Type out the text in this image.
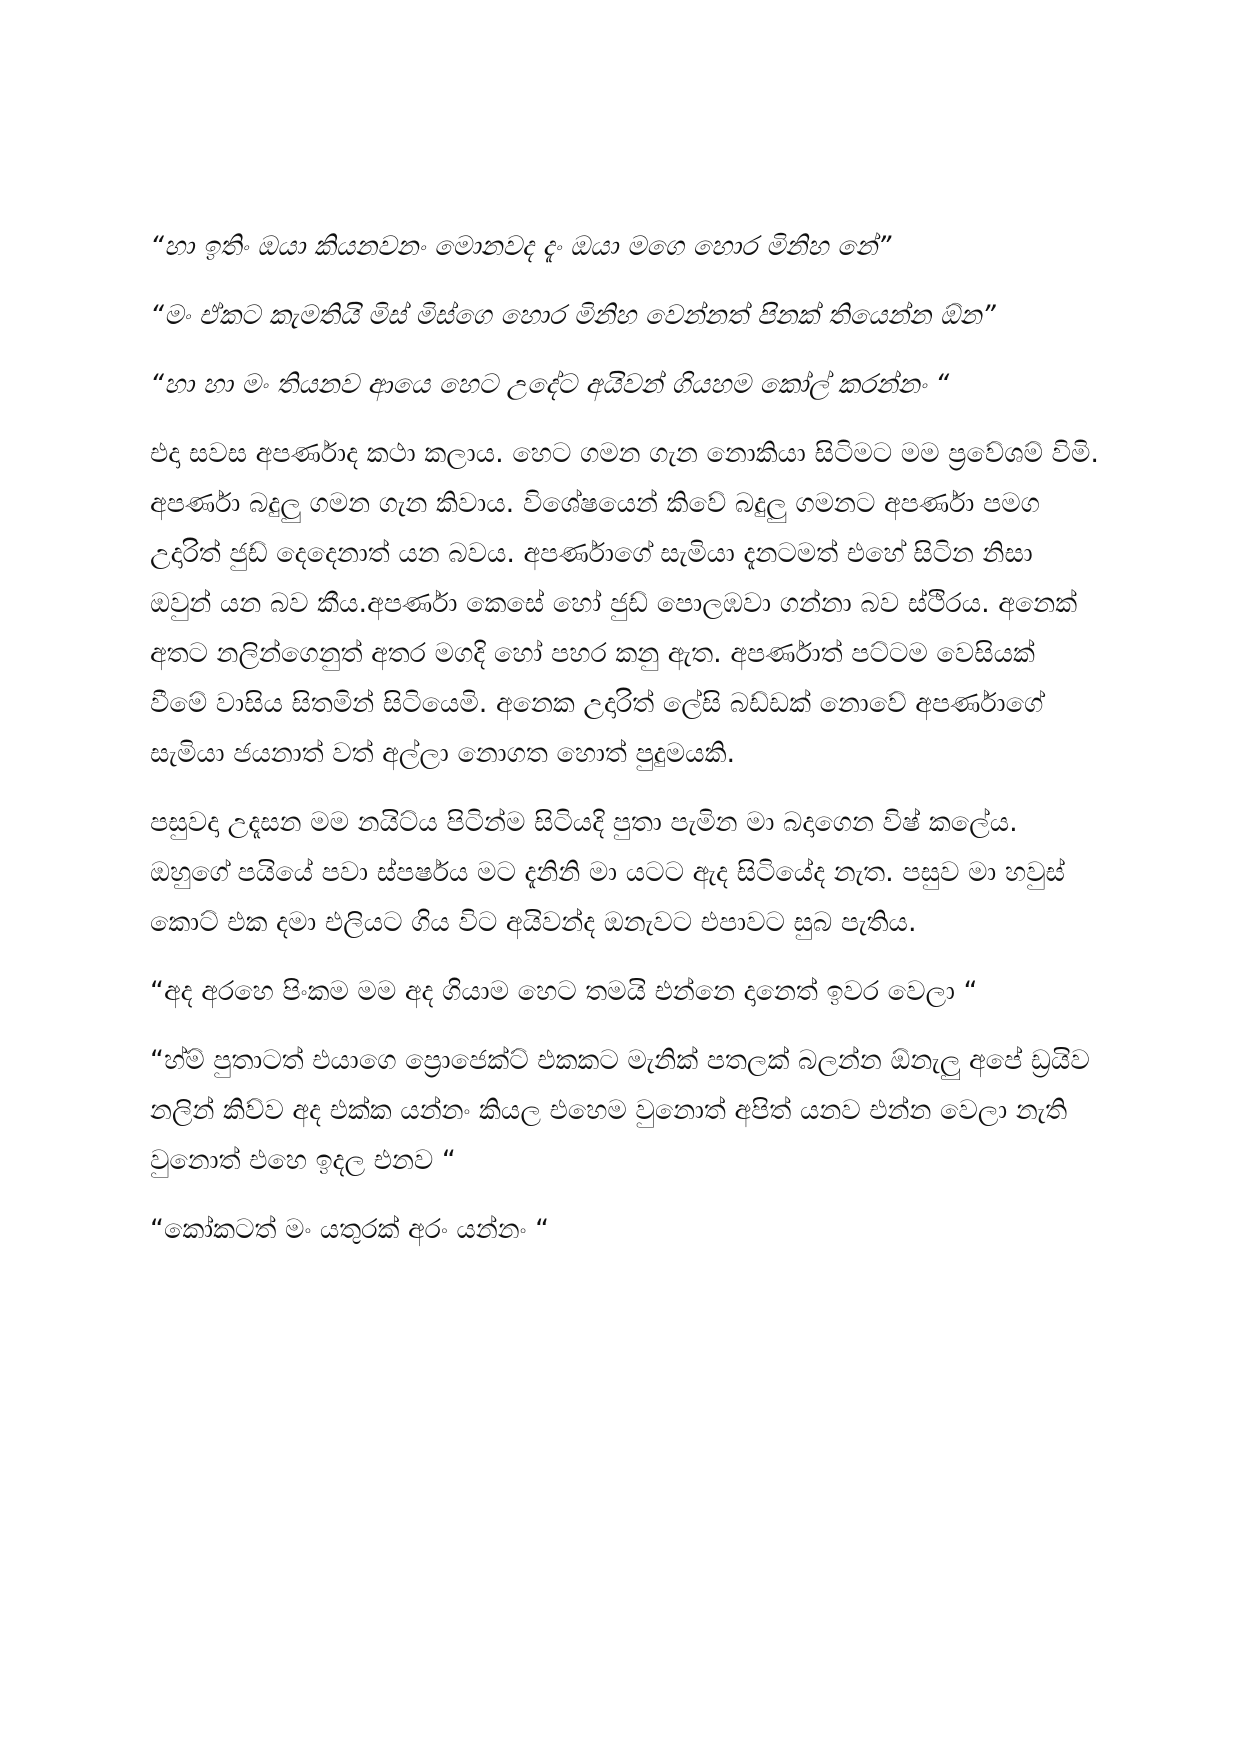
“හා ඉතිං ඔයා කියනවනං මොනවද දැං ඔයා මගෙ හොර මිනිහ නේ”

“මං ඒකට කැමතියි මිස් මිස්ගෙ හොර මිනිහ වෙන්නත් පිනක් තියෙන්න ඕන”

“හා හා මං තියනව ආයෙ හෙට උදේට අයිවන් ගියහම කෝල් කරන්නං “

එදා සවස අපර්ණාද කථා කලාය. හෙට ගමන ගැන නොකියා සිටිමට මම ප්‍රවේශම් විමි. අපර්ණා බදුලු ගමන ගැන කිවාය. විශේෂයෙන් කිවේ බදුලු ගමනට අපර්ණා පමග උදාරිත් ජුඩ් දෙදෙනාත් යන බවය. අපර්ණාගේ සැමියා දැනටමත් එහේ සිටින නිසා ඔවුන් යන බව කීය.අපර්ණා කෙසේ හෝ ජුඩ් පොලඹවා ගන්නා බව ස්ථිරය. අනෙක් අතට නලින්ගෙනුත් අතර මගදි හෝ පහර කනු ඇත. අපර්ණාත් පට්ටම වෙසියක් වීමේ වාසිය සිතමින් සිටියෙමි. අනෙක උදාරිත් ලේසි බඩ්ඩක් නොවේ අපර්ණාගේ සැමියා ජයනාත් වත් අල්ලා නොගත හොත් පුදුමයකි.

පසුවදා උදෑසන මම නයිට්ය පිටින්ම සිටියදි පුතා පැමින මා බදාගෙන විෂ් කලේය. ඔහුගේ පයියේ පවා ස්පර්ෂය මට දැනිනි මා යටට ඇද සිටියේද නැත. පසුව මා හවුස් කොට් එක දමා එලියට ගිය විට අයිවන්ද ඔනැවට එපාවට සුබ පැතිය.

“අද අරහෙ පිංකම මම අද ගියාම හෙට තමයි එන්නෙ දානෙත් ඉවර වෙලා “

“හ්ම් පුතාටත් එයාගෙ ප්‍රොජෙක්ට් එකකට මැනික් පතලක් බලන්න ඕනැලු අපේ ඩ්‍රයිව නලින් කිව්ව අද එක්ක යන්නං කියල එහෙම වුනොත් අපිත් යනව එන්න වෙලා නැති වුනොත් එහෙ ඉදල එනව “

“කෝකටත් මං යතුරක් අරං යන්නං “
